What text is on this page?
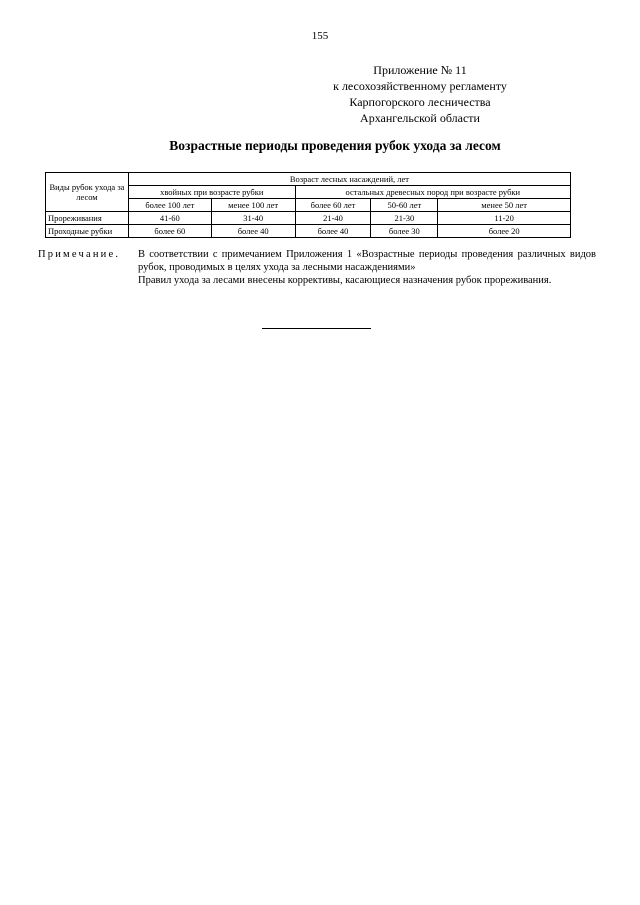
155
Приложение № 11
к лесохозяйственному регламенту
Карпогорского лесничества
Архангельской области
Возрастные периоды проведения рубок ухода за лесом
Виды рубок ухода за лесом	Возраст лесных насаждений, лет				
	хвойных при возрасте рубки		остальных древесных пород при возрасте рубки		
	более 100 лет	менее 100 лет	более 60 лет	50-60 лет	менее 50 лет
Прореживания	41-60	31-40	21-40	21-30	11-20
Проходные рубки	более 60	более 40	более 40	более 30	более 20
Примечание. В соответствии с примечанием Приложения 1 «Возрастные периоды проведения различных видов рубок, проводимых в целях ухода за лесными насаждениями»

Правил ухода за лесами внесены коррективы, касающиеся назначения рубок прореживания.
